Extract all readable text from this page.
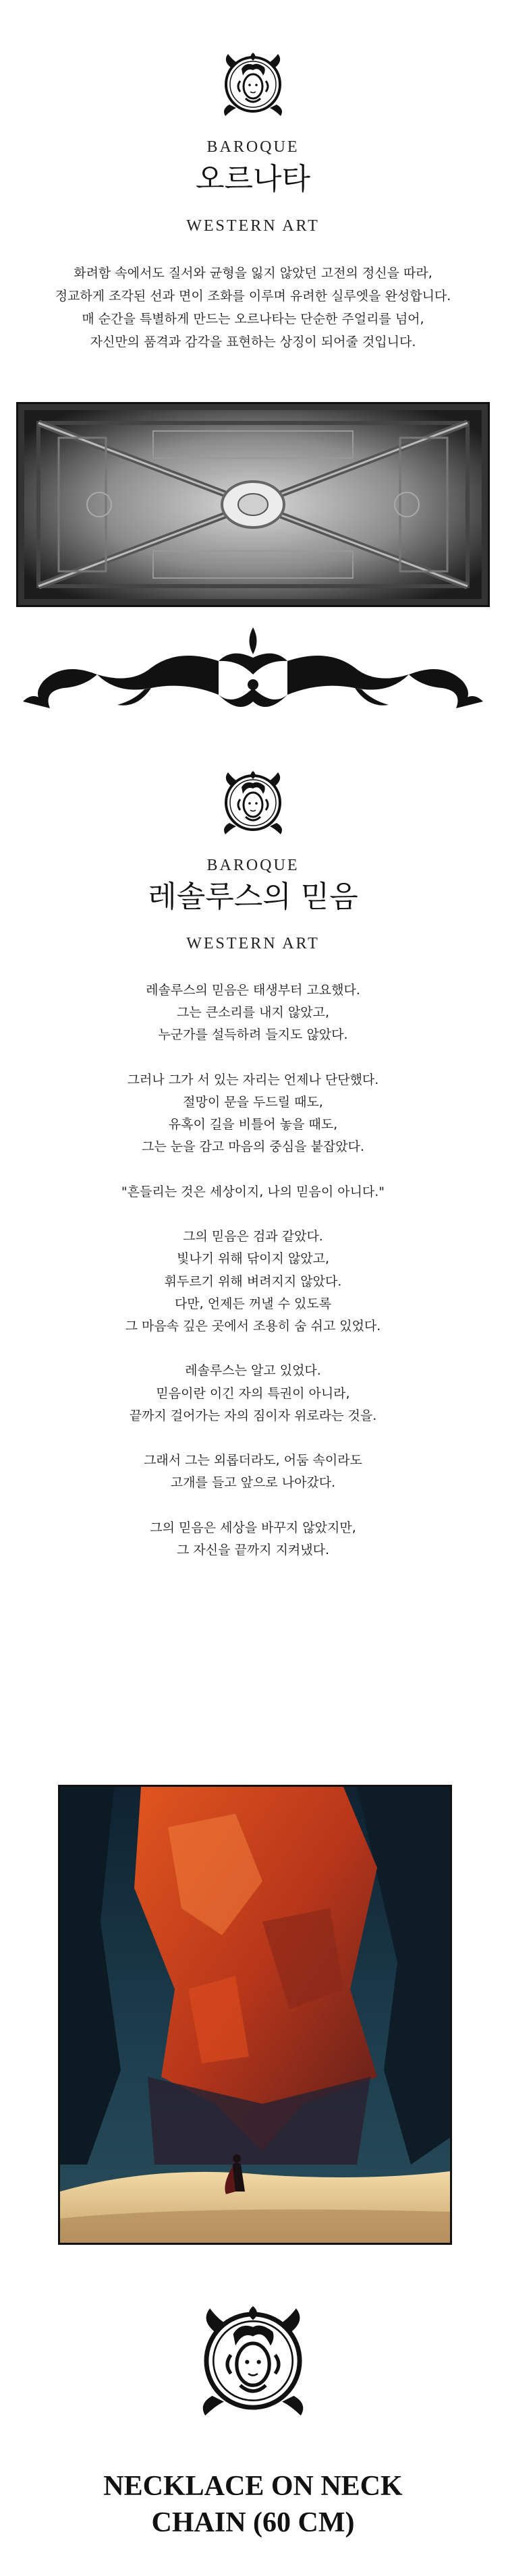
BAROQUE
오르나타
WESTERN ART

화려함 속에서도 질서와 균형을 잃지 않았던 고전의 정신을 따라,

정교하게 조각된 선과 면이 조화를 이루며 유려한 실루엣을 완성합니다.

매 순간을 특별하게 만드는 오르나타는 단순한 주얼리를 넘어,

자신만의 품격과 감각을 표현하는 상징이 되어줄 것입니다.

BAROQUE
레솔루스의 믿음
WESTERN ART

레솔루스의 믿음은 태생부터 고요했다.

그는 큰소리를 내지 않았고,

누군가를 설득하려 들지도 않았다.

그러나 그가 서 있는 자리는 언제나 단단했다.

절망이 문을 두드릴 때도,

유혹이 길을 비틀어 놓을 때도,

그는 눈을 감고 마음의 중심을 붙잡았다.

"흔들리는 것은 세상이지, 나의 믿음이 아니다."

그의 믿음은 검과 같았다.

빛나기 위해 닦이지 않았고,

휘두르기 위해 벼려지지 않았다.

다만, 언제든 꺼낼 수 있도록

그 마음속 깊은 곳에서 조용히 숨 쉬고 있었다.

레솔루스는 알고 있었다.

믿음이란 이긴 자의 특권이 아니라,

끝까지 걸어가는 자의 짐이자 위로라는 것을.

그래서 그는 외롭더라도, 어둠 속이라도

고개를 들고 앞으로 나아갔다.

그의 믿음은 세상을 바꾸지 않았지만,

그 자신을 끝까지 지켜냈다.

NECKLACE ON NECK
CHAIN (60 CM)
